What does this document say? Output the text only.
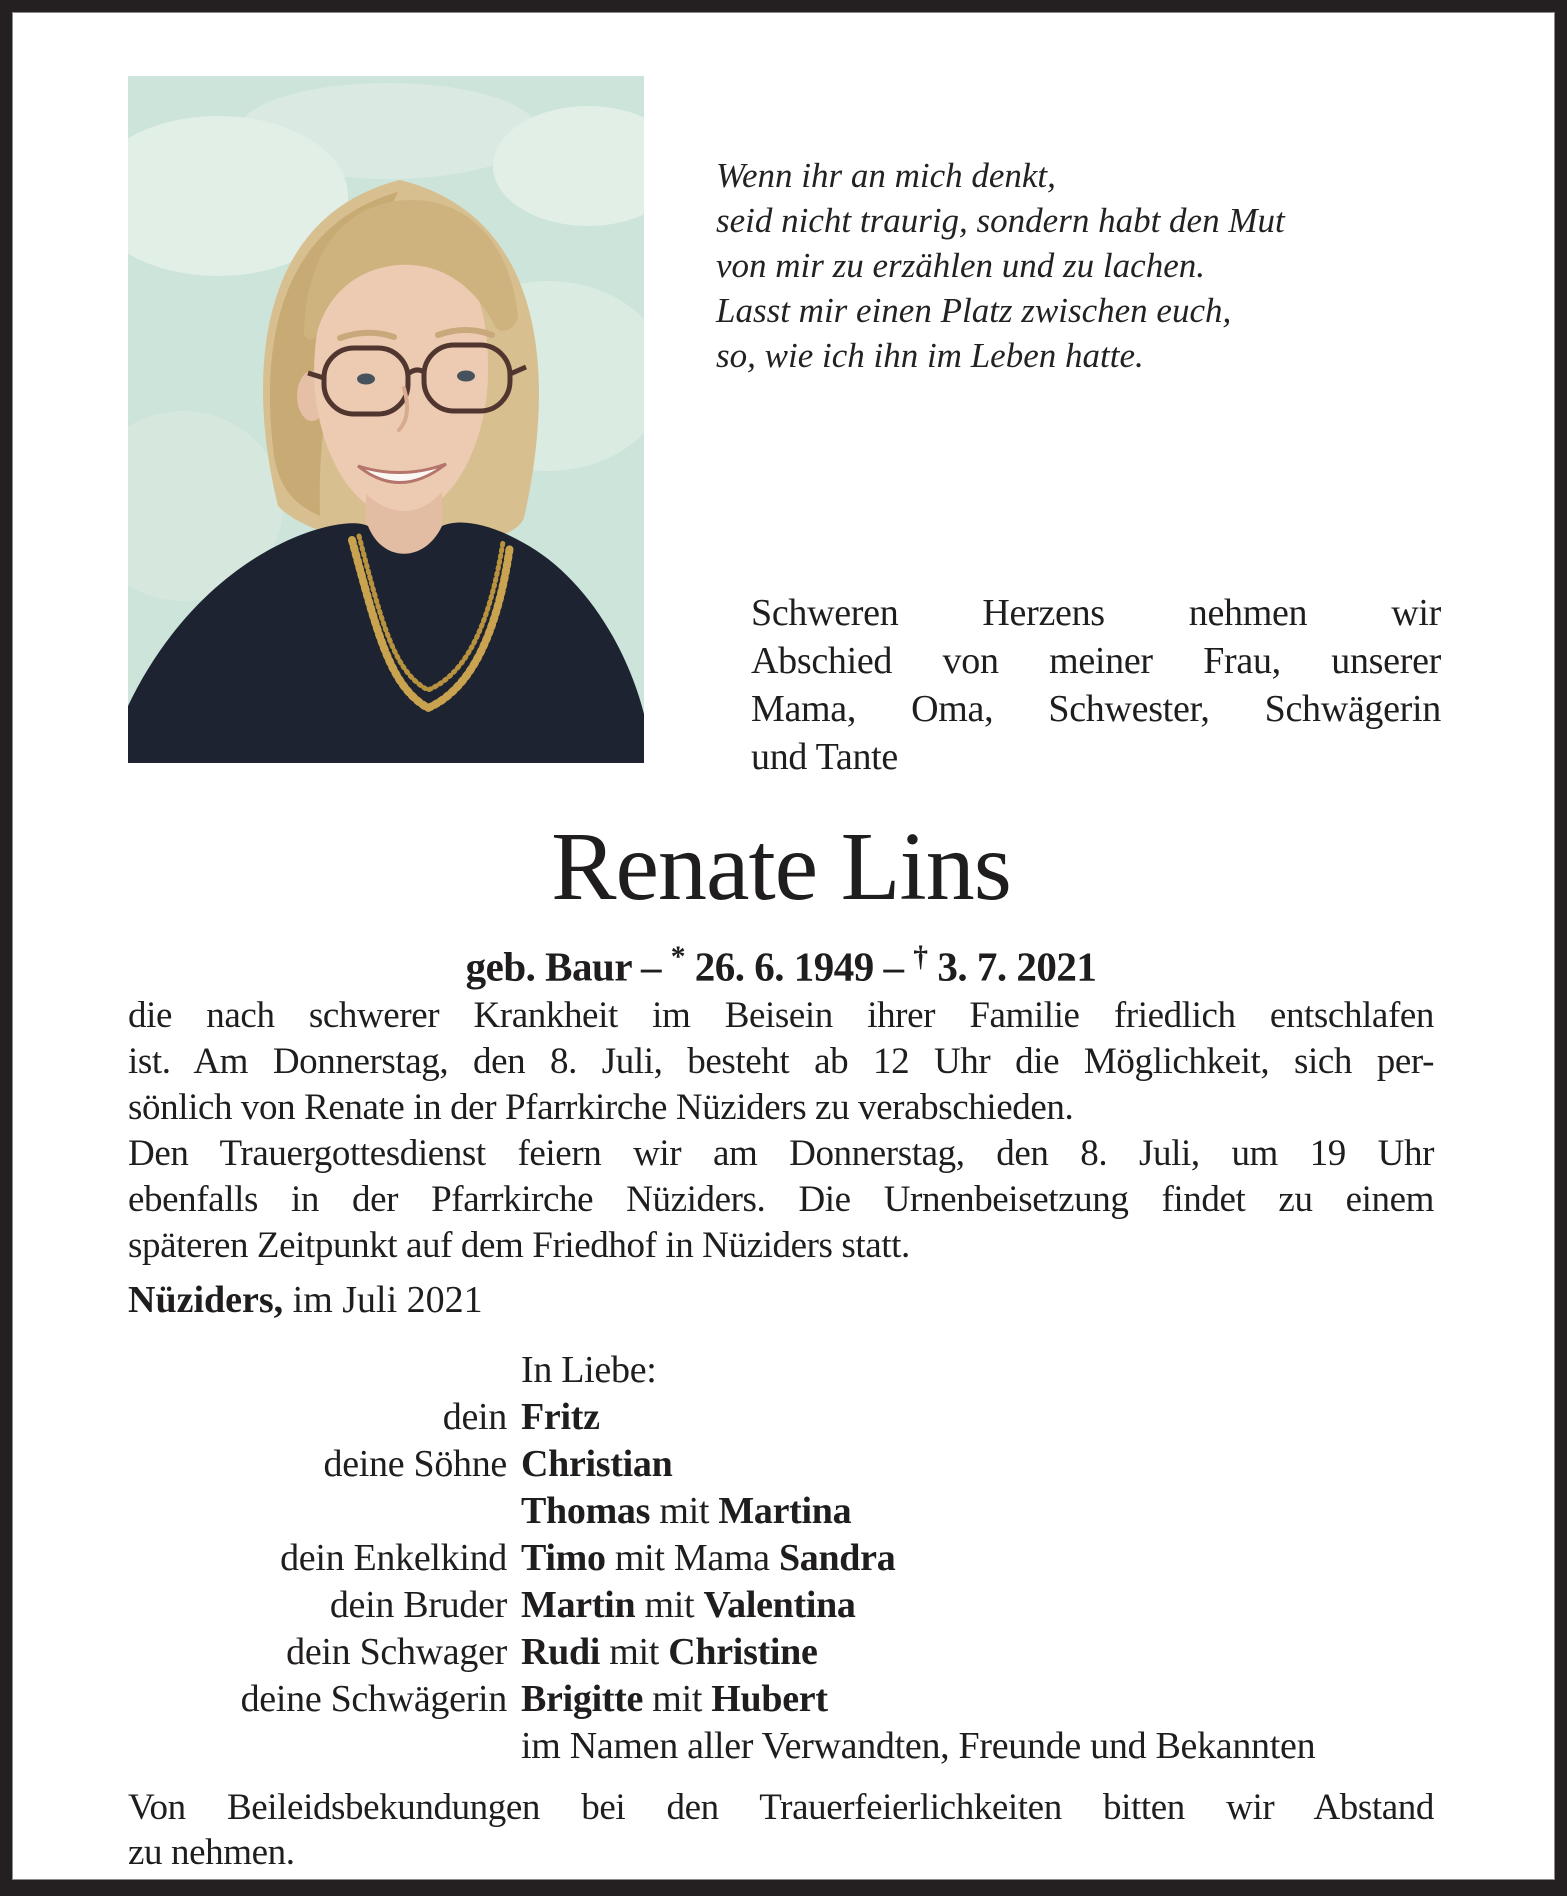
Wenn ihr an mich denkt,
seid nicht traurig, sondern habt den Mut
von mir zu erzählen und zu lachen.
Lasst mir einen Platz zwischen euch,
so, wie ich ihn im Leben hatte.
Schweren Herzens nehmen wir
Abschied von meiner Frau, unserer
Mama, Oma, Schwester, Schwägerin
und Tante
Renate Lins
geb. Baur – * 26. 6. 1949 – † 3. 7. 2021
die nach schwerer Krankheit im Beisein ihrer Familie friedlich entschlafen
ist. Am Donnerstag, den 8. Juli, besteht ab 12 Uhr die Möglichkeit, sich per-
sönlich von Renate in der Pfarrkirche Nüziders zu verabschieden.
Den Trauergottesdienst feiern wir am Donnerstag, den 8. Juli, um 19 Uhr
ebenfalls in der Pfarrkirche Nüziders. Die Urnenbeisetzung findet zu einem
späteren Zeitpunkt auf dem Friedhof in Nüziders statt.
Nüziders, im Juli 2021
In Liebe:
dein Fritz
deine Söhne Christian
Thomas mit Martina
dein Enkelkind Timo mit Mama Sandra
dein Bruder Martin mit Valentina
dein Schwager Rudi mit Christine
deine Schwägerin Brigitte mit Hubert
im Namen aller Verwandten, Freunde und Bekannten
Von Beileidsbekundungen bei den Trauerfeierlichkeiten bitten wir Abstand
zu nehmen.
